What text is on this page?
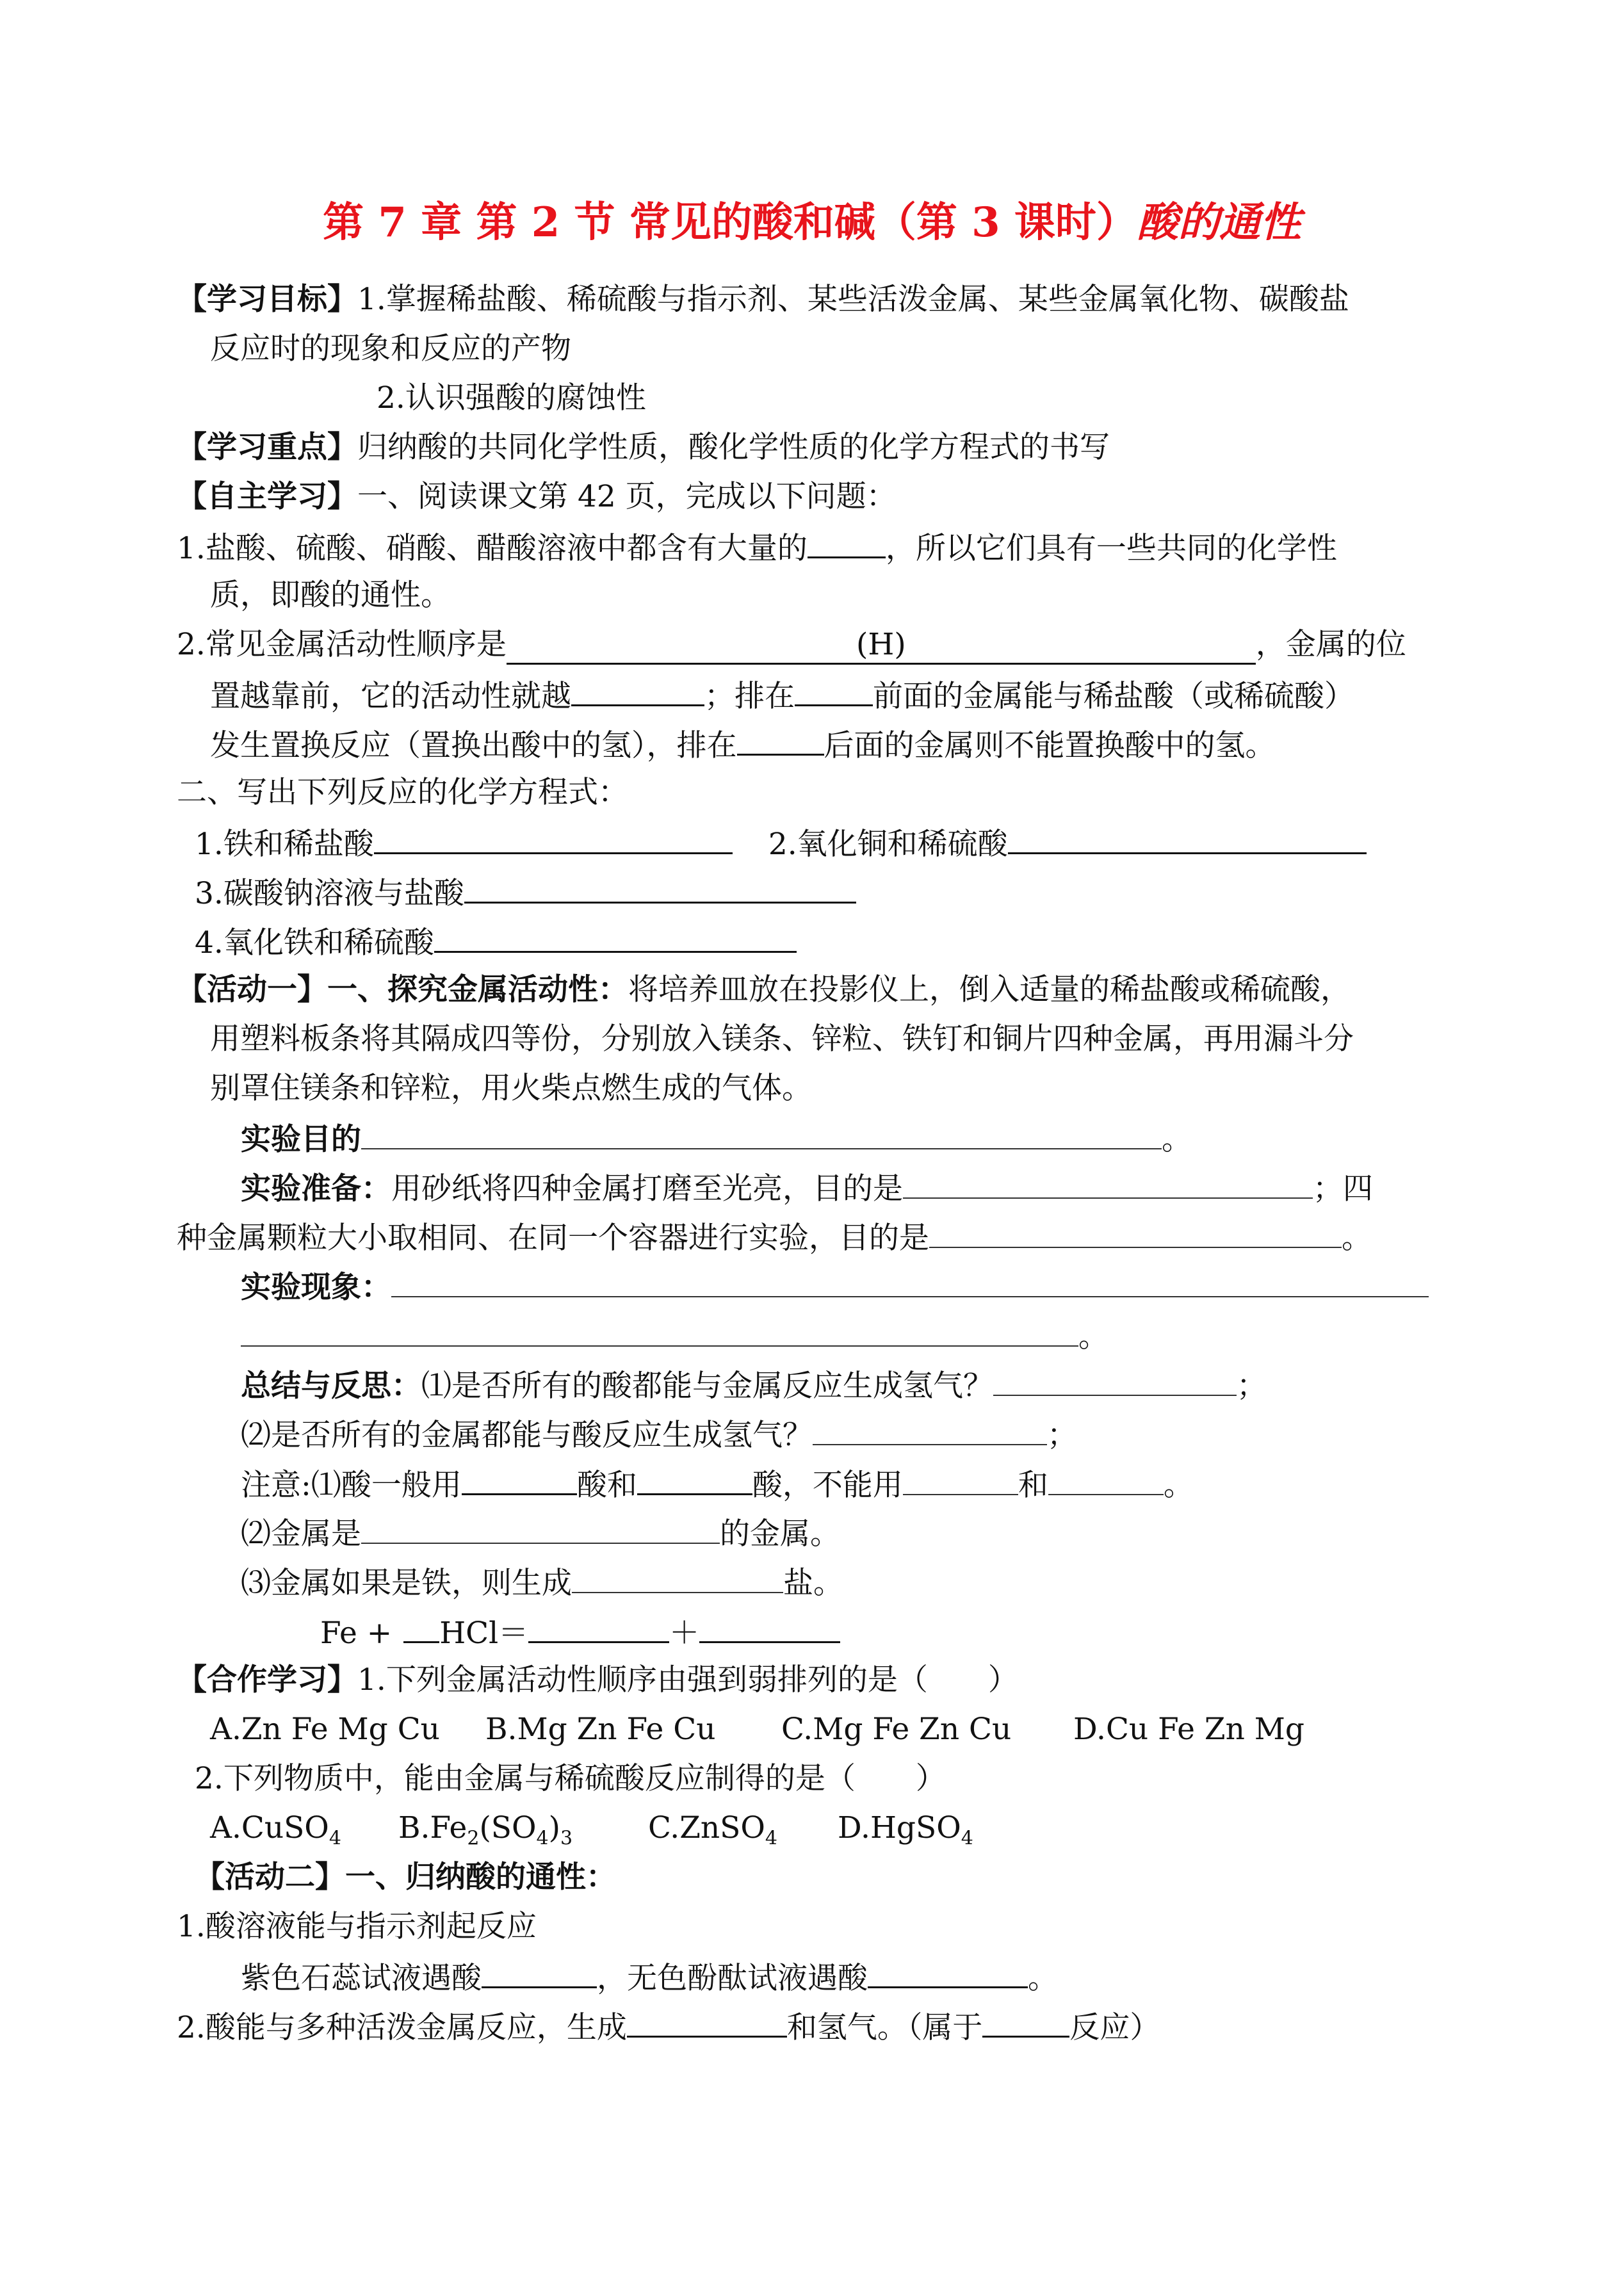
第 7 章 第 2 节 常见的酸和碱（第 3 课时）酸的通性
【学习目标】1.掌握稀盐酸、稀硫酸与指示剂、某些活泼金属、某些金属氧化物、碳酸盐
反应时的现象和反应的产物
2.认识强酸的腐蚀性
【学习重点】归纳酸的共同化学性质，酸化学性质的化学方程式的书写
【自主学习】一、阅读课文第 42 页，完成以下问题：
1.盐酸、硫酸、硝酸、醋酸溶液中都含有大量的	，所以它们具有一些共同的化学性
质，即酸的通性。
2.常见金属活动性顺序是	(H)	，金属的位
置越靠前，它的活动性就越	；排在	前面的金属能与稀盐酸（或稀硫酸）
发生置换反应（置换出酸中的氢），排在	后面的金属则不能置换酸中的氢。
二、写出下列反应的化学方程式：
1.铁和稀盐酸	2.氧化铜和稀硫酸
3.碳酸钠溶液与盐酸
4.氧化铁和稀硫酸
【活动一】一、探究金属活动性：将培养皿放在投影仪上，倒入适量的稀盐酸或稀硫酸，
用塑料板条将其隔成四等份，分别放入镁条、锌粒、铁钉和铜片四种金属，再用漏斗分
别罩住镁条和锌粒，用火柴点燃生成的气体。
实验目的	。
实验准备：用砂纸将四种金属打磨至光亮，目的是	；四
种金属颗粒大小取相同、在同一个容器进行实验，目的是	。
实验现象：
。
总结与反思：⑴是否所有的酸都能与金属反应生成氢气？	；
⑵是否所有的金属都能与酸反应生成氢气？	；
注意:⑴酸一般用	酸和	酸，不能用	和	。
⑵金属是	的金属。
⑶金属如果是铁，则生成	盐。
Fe + HCl＝	＋
【合作学习】1.下列金属活动性顺序由强到弱排列的是（　　）
A.Zn Fe Mg Cu B.Mg Zn Fe Cu C.Mg Fe Zn Cu D.Cu Fe Zn Mg
2.下列物质中，能由金属与稀硫酸反应制得的是（　　）
A.CuSO$_4$ $B.Fe_2(SO_4)_3$	C.ZnSO$_4$ D.HgSO$_4$
【活动二】一、归纳酸的通性：
1.酸溶液能与指示剂起反应
紫色石蕊试液遇酸	，无色酚酞试液遇酸	。
2.酸能与多种活泼金属反应，生成	和氢气。（属于	反应）
